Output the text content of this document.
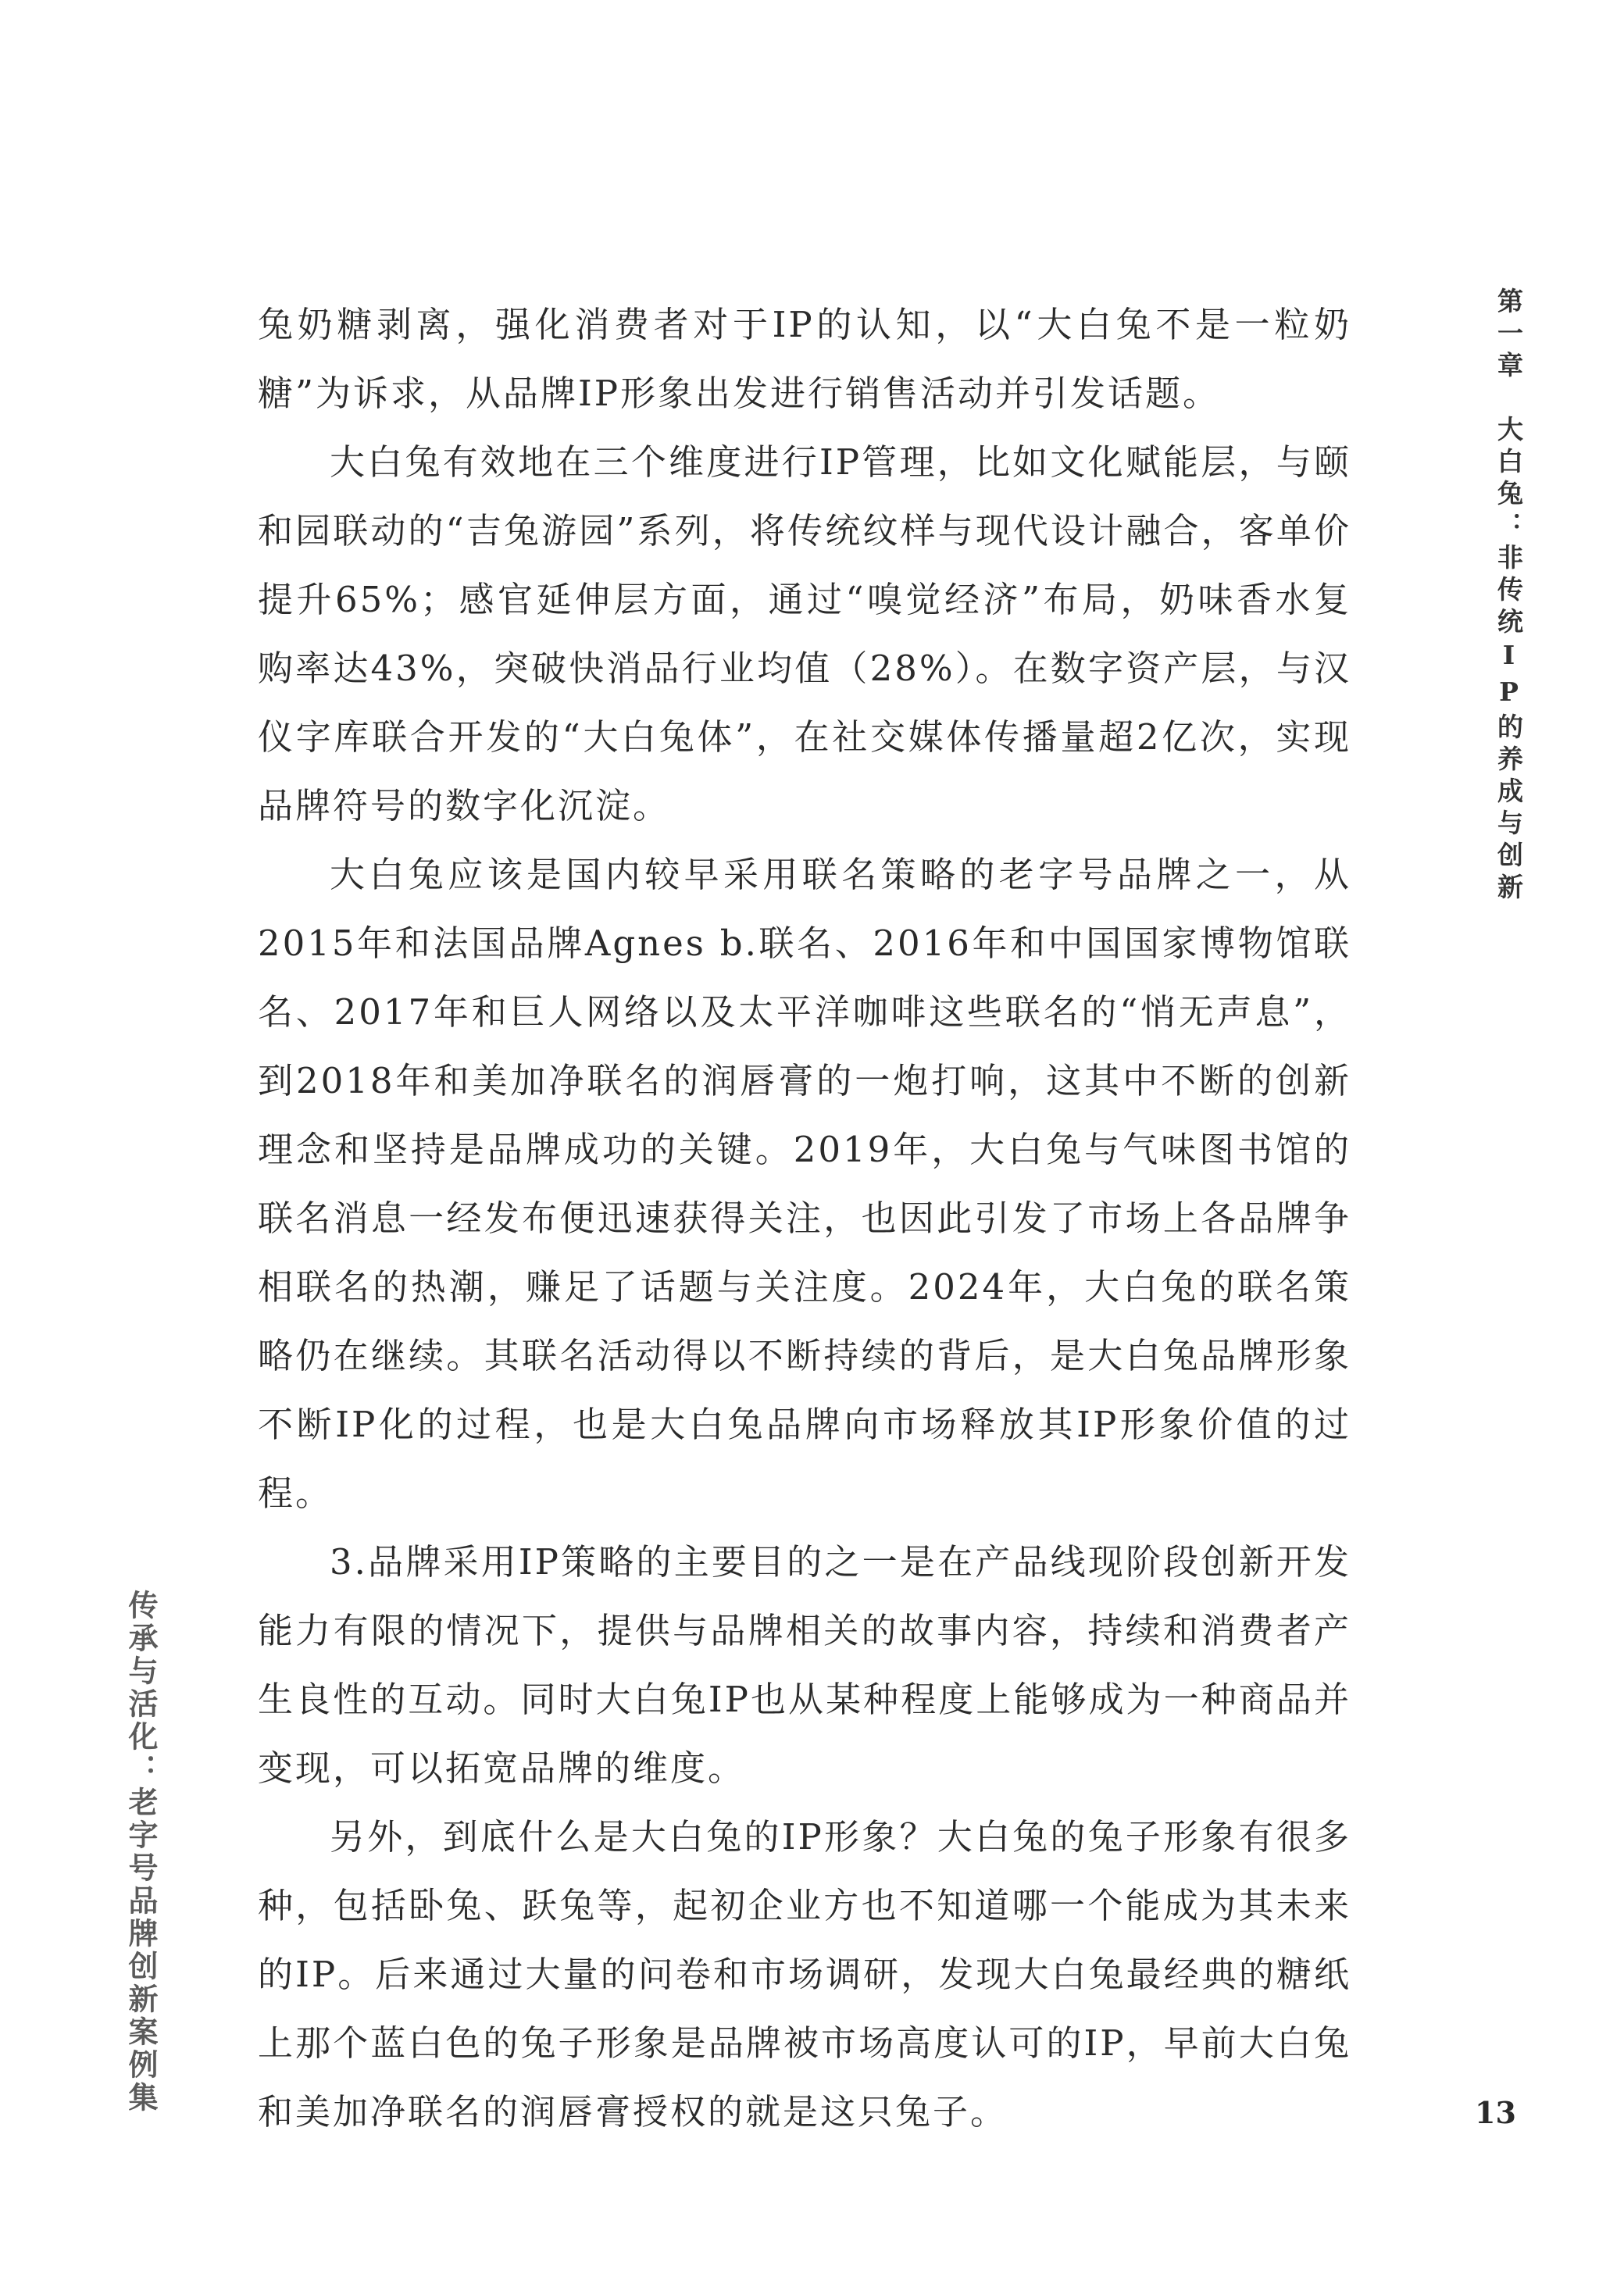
第一章　大白兔：非传统IP的养成与创新

兔奶糖剥离，强化消费者对于IP的认知，以“大白兔不是一粒奶糖”为诉求，从品牌IP形象出发进行销售活动并引发话题。

大白兔有效地在三个维度进行IP管理，比如文化赋能层，与颐和园联动的“吉兔游园”系列，将传统纹样与现代设计融合，客单价提升65%；感官延伸层方面，通过“嗅觉经济”布局，奶味香水复购率达43%，突破快消品行业均值（28%）。在数字资产层，与汉仪字库联合开发的“大白兔体”，在社交媒体传播量超2亿次，实现品牌符号的数字化沉淀。

大白兔应该是国内较早采用联名策略的老字号品牌之一，从2015年和法国品牌Agnes b.联名、2016年和中国国家博物馆联名、2017年和巨人网络以及太平洋咖啡这些联名的“悄无声息”，到2018年和美加净联名的润唇膏的一炮打响，这其中不断的创新理念和坚持是品牌成功的关键。2019年，大白兔与气味图书馆的联名消息一经发布便迅速获得关注，也因此引发了市场上各品牌争相联名的热潮，赚足了话题与关注度。2024年，大白兔的联名策略仍在继续。其联名活动得以不断持续的背后，是大白兔品牌形象不断IP化的过程，也是大白兔品牌向市场释放其IP形象价值的过程。

3.品牌采用IP策略的主要目的之一是在产品线现阶段创新开发能力有限的情况下，提供与品牌相关的故事内容，持续和消费者产生良性的互动。同时大白兔IP也从某种程度上能够成为一种商品并变现，可以拓宽品牌的维度。

另外，到底什么是大白兔的IP形象？大白兔的兔子形象有很多种，包括卧兔、跃兔等，起初企业方也不知道哪一个能成为其未来的IP。后来通过大量的问卷和市场调研，发现大白兔最经典的糖纸上那个蓝白色的兔子形象是品牌被市场高度认可的IP，早前大白兔和美加净联名的润唇膏授权的就是这只兔子。

传承与活化：老字号品牌创新案例集	13
